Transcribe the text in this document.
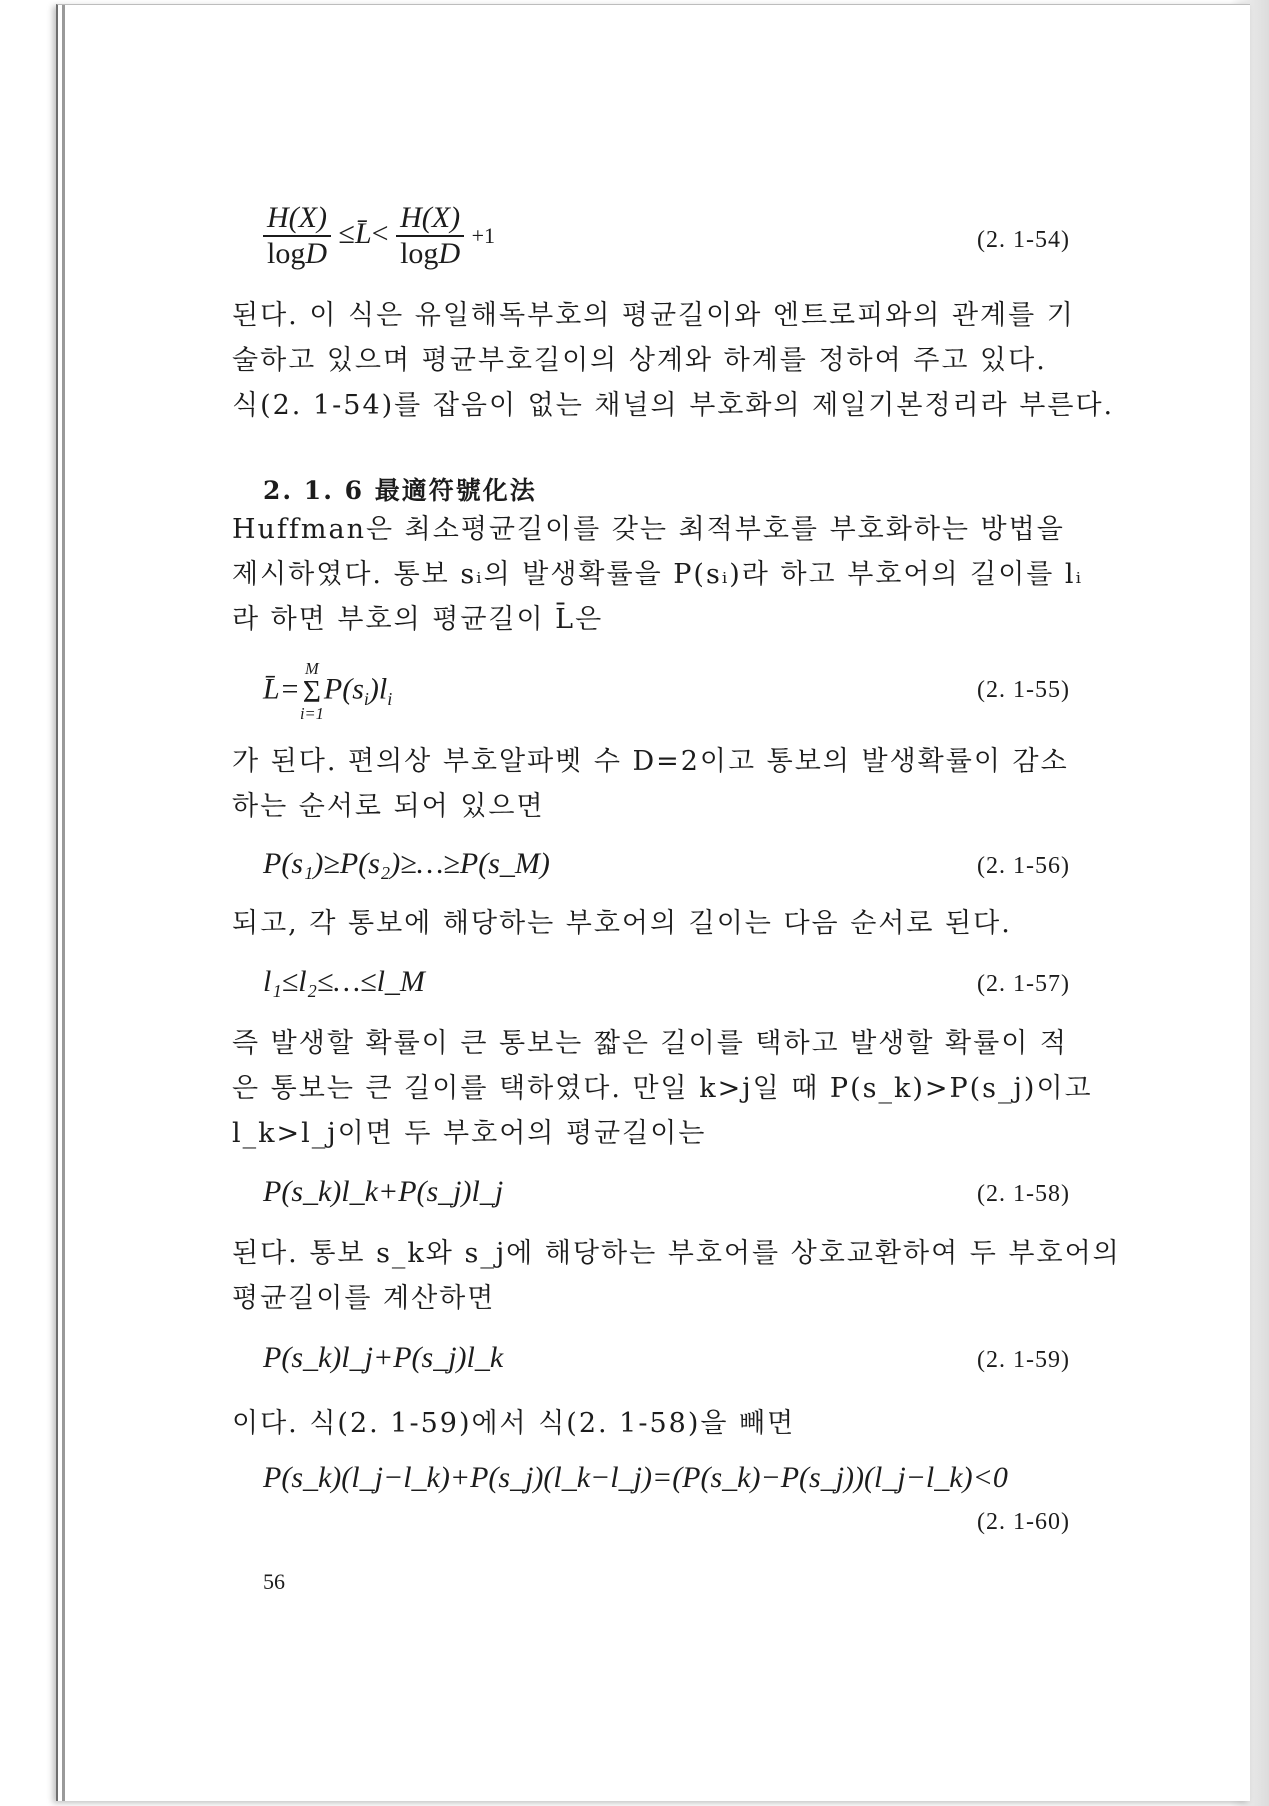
$\frac{H(X)}{\log D}$ ≤L̄< $\frac{H(X)}{\log D} +1$	(2. 1-54)
된다. 이 식은 유일해독부호의 평균길이와 엔트로피와의 관계를 기
술하고 있으며 평균부호길이의 상계와 하계를 정하여 주고 있다.
식(2. 1-54)를 잡음이 없는 채널의 부호화의 제일기본정리라 부른다.
2. 1. 6 最適符號化法
Huffman은 최소평균길이를 갖는 최적부호를 부호화하는 방법을
제시하였다. 통보 sᵢ의 발생확률을 P(sᵢ)라 하고 부호어의 길이를 lᵢ
라 하면 부호의 평균길이 L̄은
L̄=M
Σ
$i=1P(s_i)l_i$	(2. 1-55)
가 된다. 편의상 부호알파벳 수 D=2이고 통보의 발생확률이 감소
하는 순서로 되어 있으면
P(s₁)≥P(s₂)≥…≥P(s_M)	(2. 1-56)
되고, 각 통보에 해당하는 부호어의 길이는 다음 순서로 된다.
l₁≤l₂≤…≤l_M	(2. 1-57)
즉 발생할 확률이 큰 통보는 짧은 길이를 택하고 발생할 확률이 적
은 통보는 큰 길이를 택하였다. 만일 k>j일 때 P(s_k)>P(s_j)이고
l_k>l_j이면 두 부호어의 평균길이는
P(s_k)l_k+P(s_j)l_j	(2. 1-58)
된다. 통보 s_k와 s_j에 해당하는 부호어를 상호교환하여 두 부호어의
평균길이를 계산하면
P(s_k)l_j+P(s_j)l_k	(2. 1-59)
이다. 식(2. 1-59)에서 식(2. 1-58)을 빼면
P(s_k)(l_j−l_k)+P(s_j)(l_k−l_j)=(P(s_k)−P(s_j))(l_j−l_k)<0
(2. 1-60)
56
